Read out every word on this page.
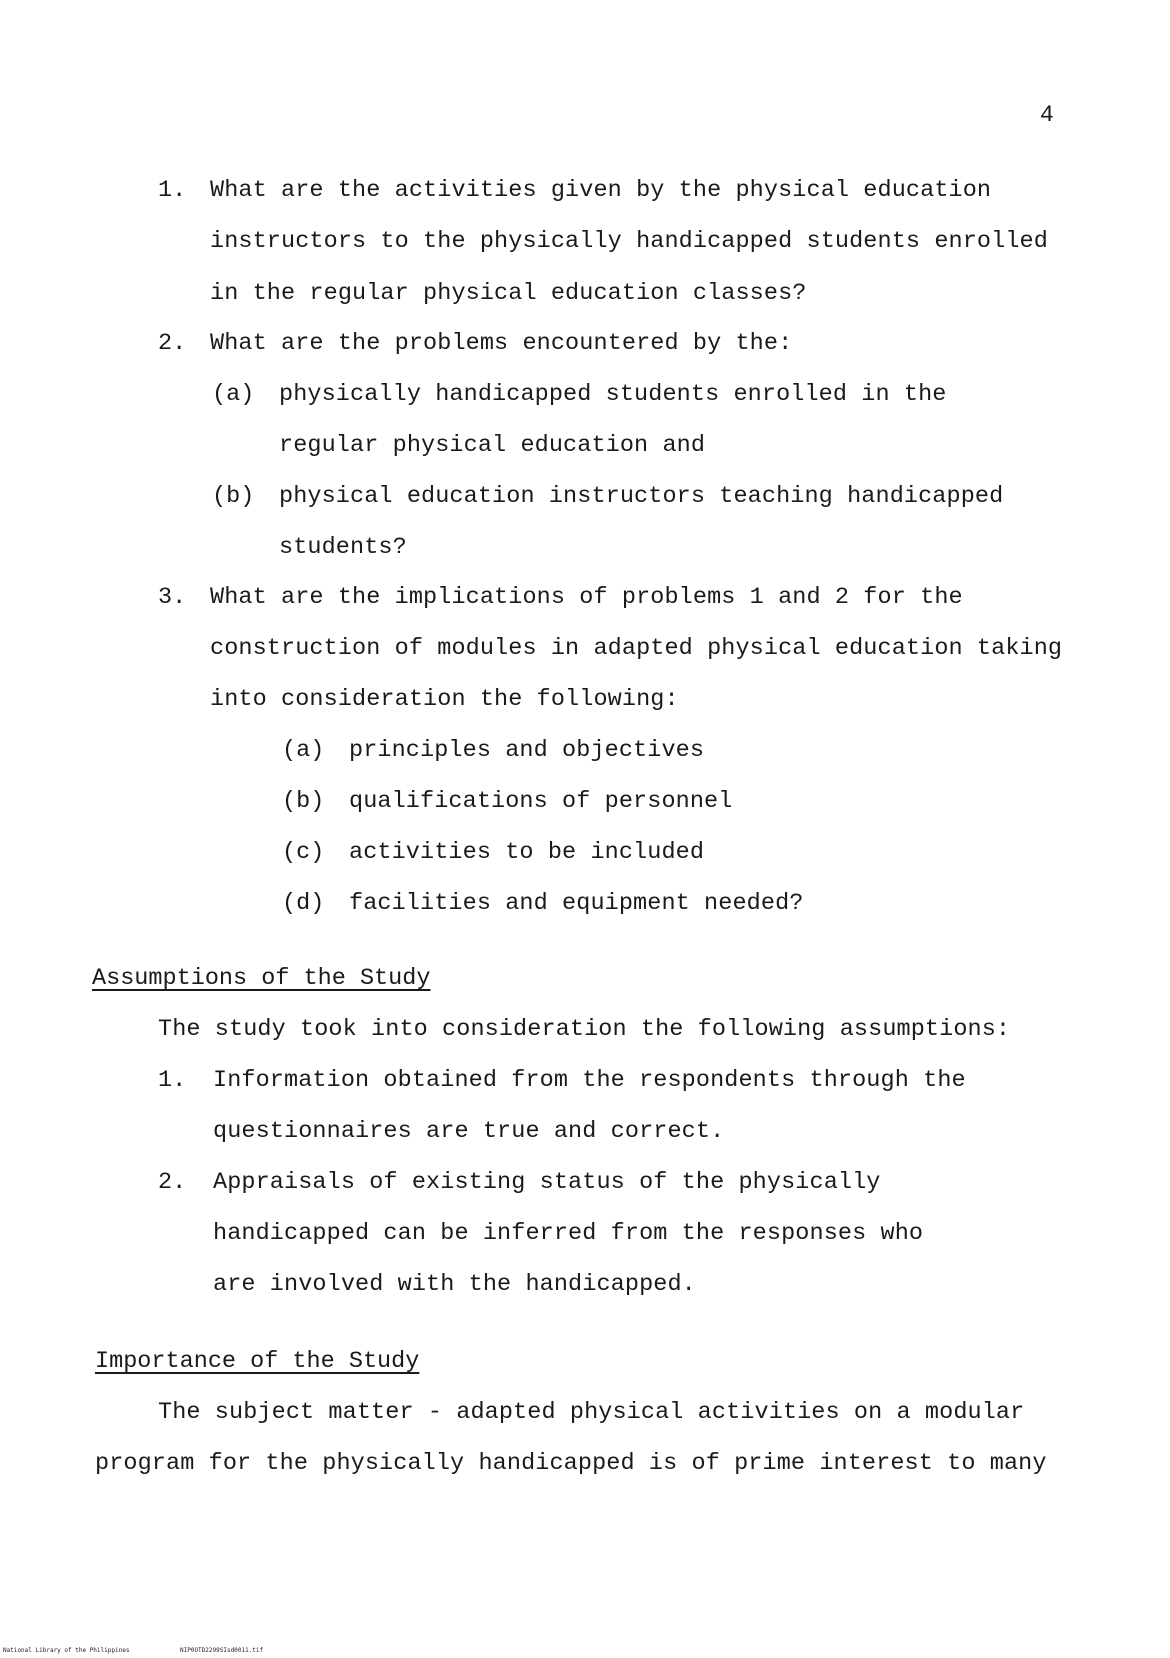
4
1. What are the activities given by the physical education
instructors to the physically handicapped students enrolled
in the regular physical education classes?
2. What are the problems encountered by the:
(a) physically handicapped students enrolled in the
regular physical education and
(b) physical education instructors teaching handicapped
students?
3. What are the implications of problems 1 and 2 for the
construction of modules in adapted physical education taking
into consideration the following:
(a) principles and objectives
(b) qualifications of personnel
(c) activities to be included
(d) facilities and equipment needed?
Assumptions of the Study
The study took into consideration the following assumptions:
1. Information obtained from the respondents through the
questionnaires are true and correct.
2. Appraisals of existing status of the physically
handicapped can be inferred from the responses who
are involved with the handicapped.
Importance of the Study
The subject matter - adapted physical activities on a modular
program for the physically handicapped is of prime interest to many
National Library of the Philippines	NIP0OTD2299SIsd0011.tif
